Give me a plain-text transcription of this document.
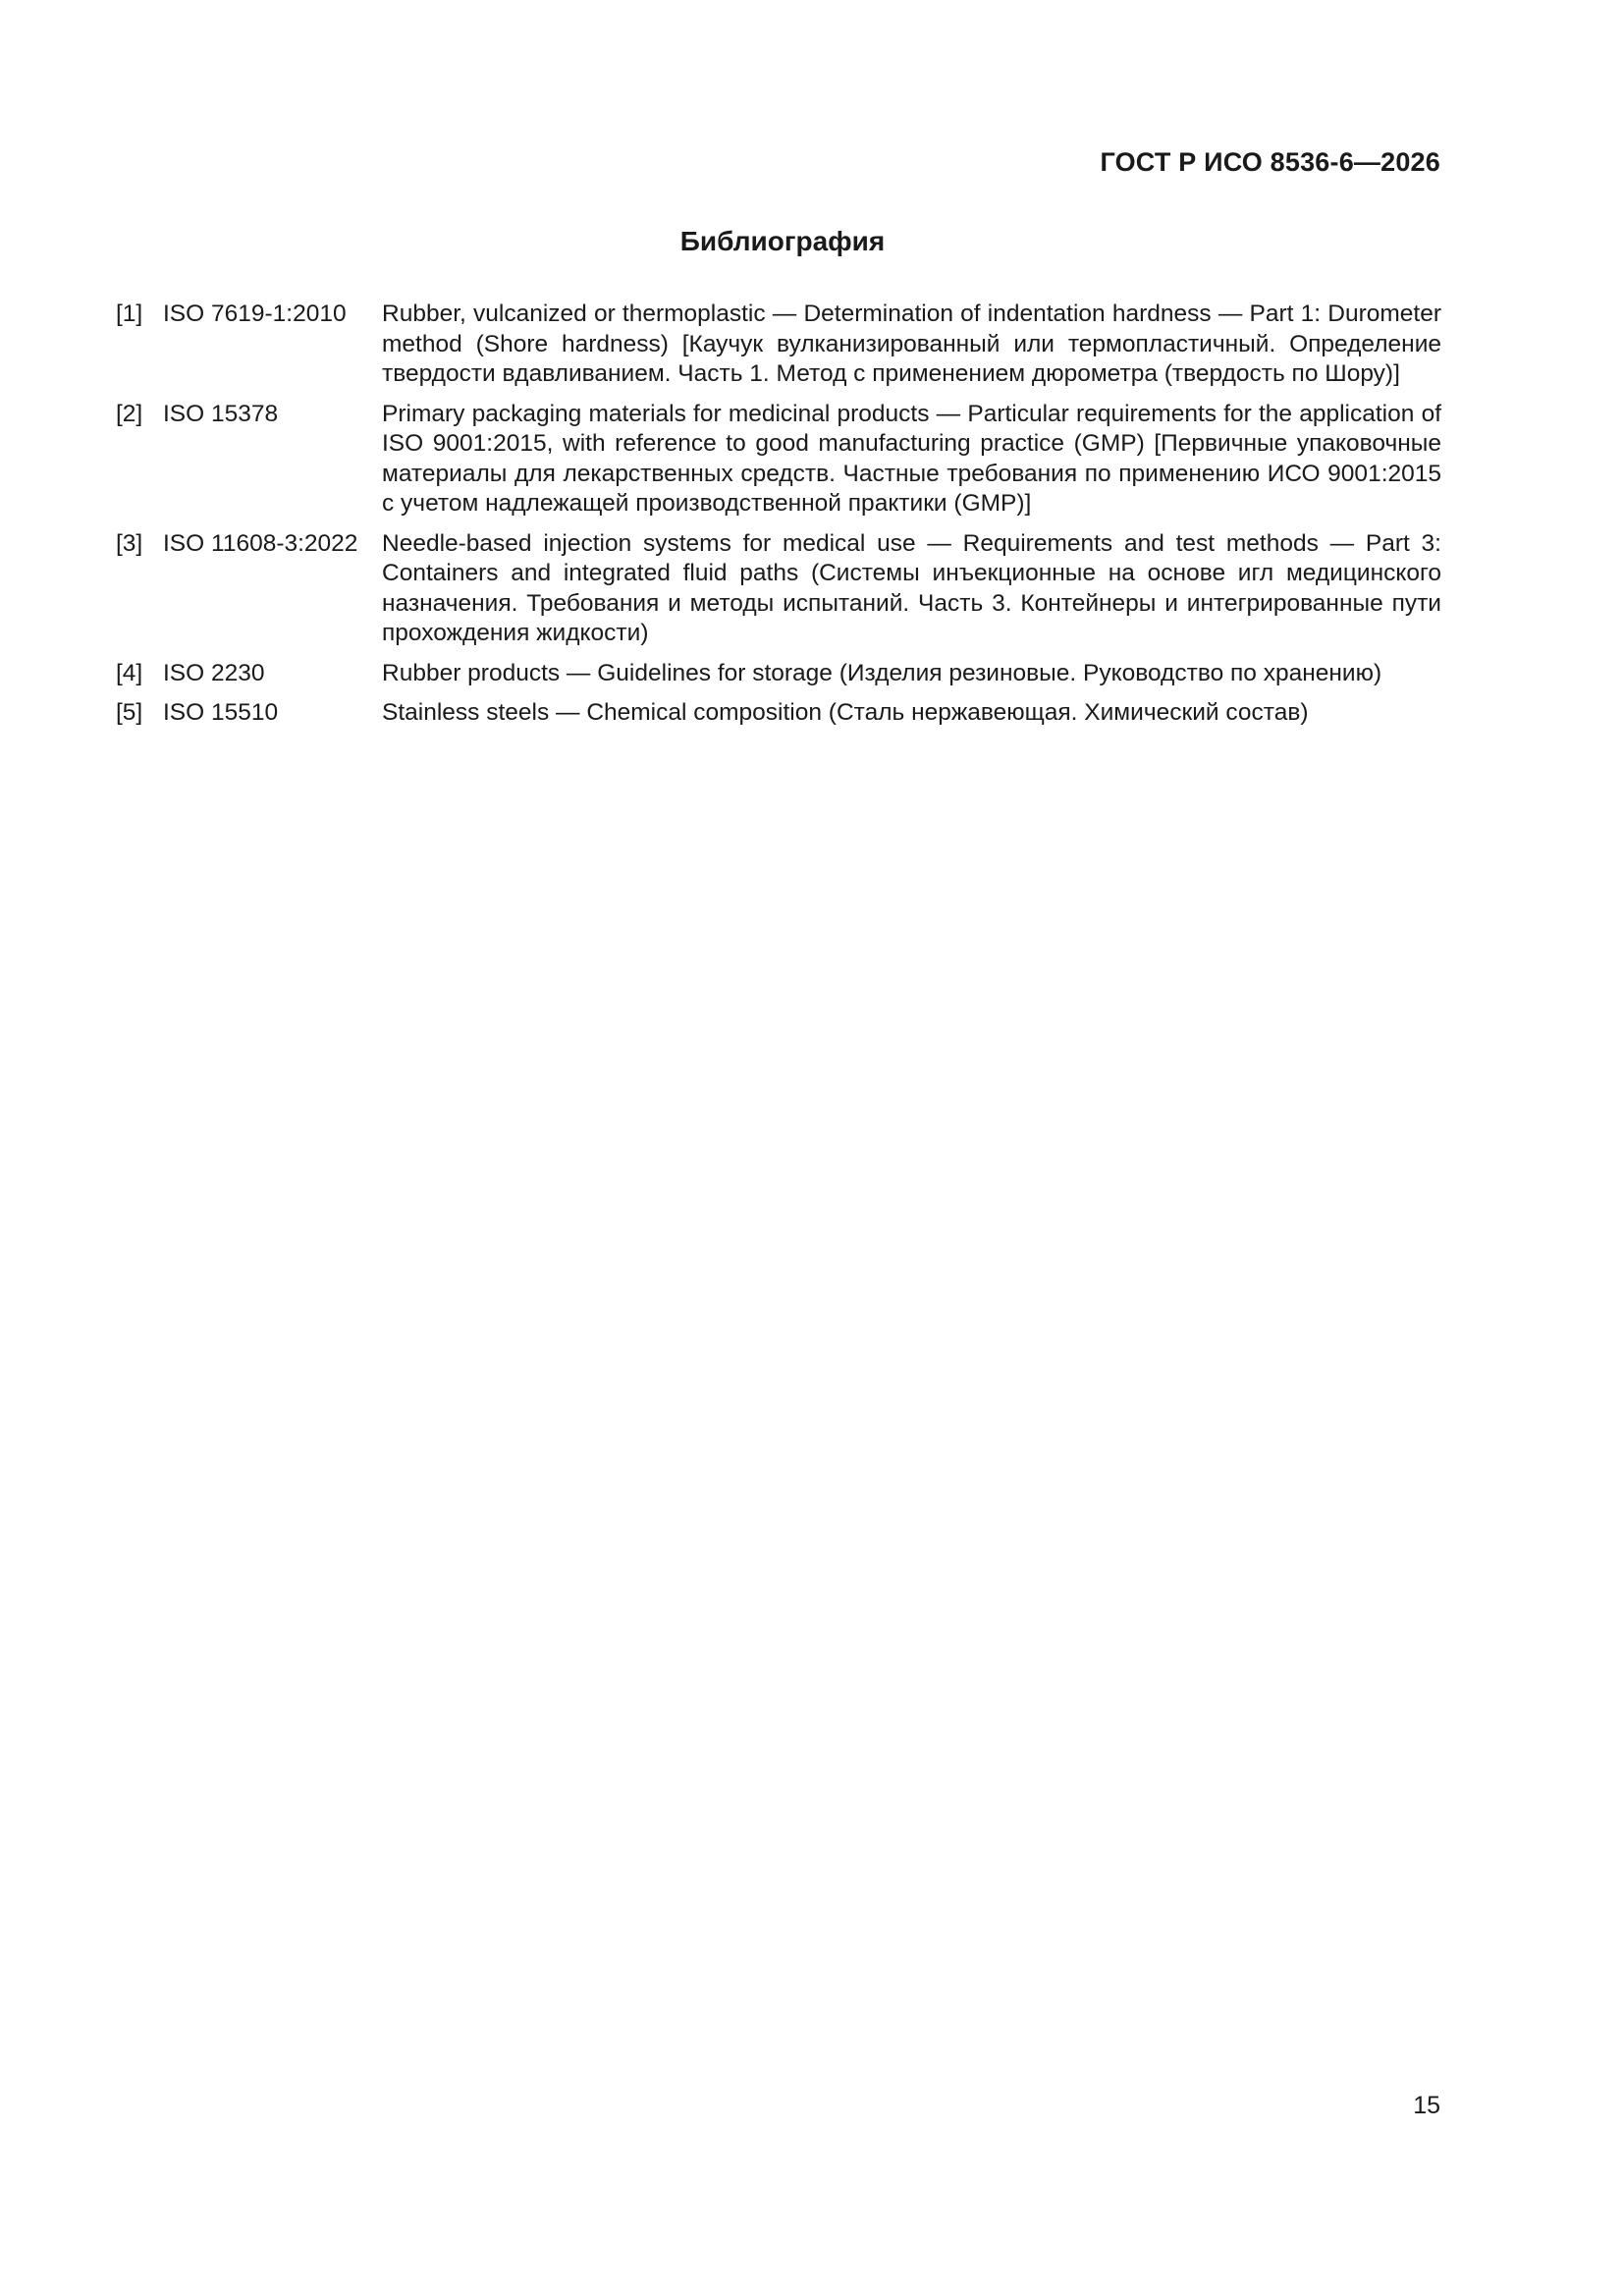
ГОСТ Р ИСО 8536-6—2026
Библиография
[1] ISO 7619-1:2010	Rubber, vulcanized or thermoplastic — Determination of indentation hardness — Part 1: Durometer method (Shore hardness) [Каучук вулканизированный или термопластичный. Определение твердости вдавливанием. Часть 1. Метод с применением дюрометра (твердость по Шору)]
[2] ISO 15378	Primary packaging materials for medicinal products — Particular requirements for the application of ISO 9001:2015, with reference to good manufacturing practice (GMP) [Первичные упаковочные материалы для лекарственных средств. Частные требования по применению ИСО 9001:2015 с учетом надлежащей производственной практики (GMP)]
[3] ISO 11608-3:2022	Needle-based injection systems for medical use — Requirements and test methods — Part 3: Containers and integrated fluid paths (Системы инъекционные на основе игл медицинского назначения. Требования и методы испытаний. Часть 3. Контейнеры и интегрированные пути прохождения жидкости)
[4] ISO 2230	Rubber products — Guidelines for storage (Изделия резиновые. Руководство по хранению)
[5] ISO 15510	Stainless steels — Chemical composition (Сталь нержавеющая. Химический состав)
15
